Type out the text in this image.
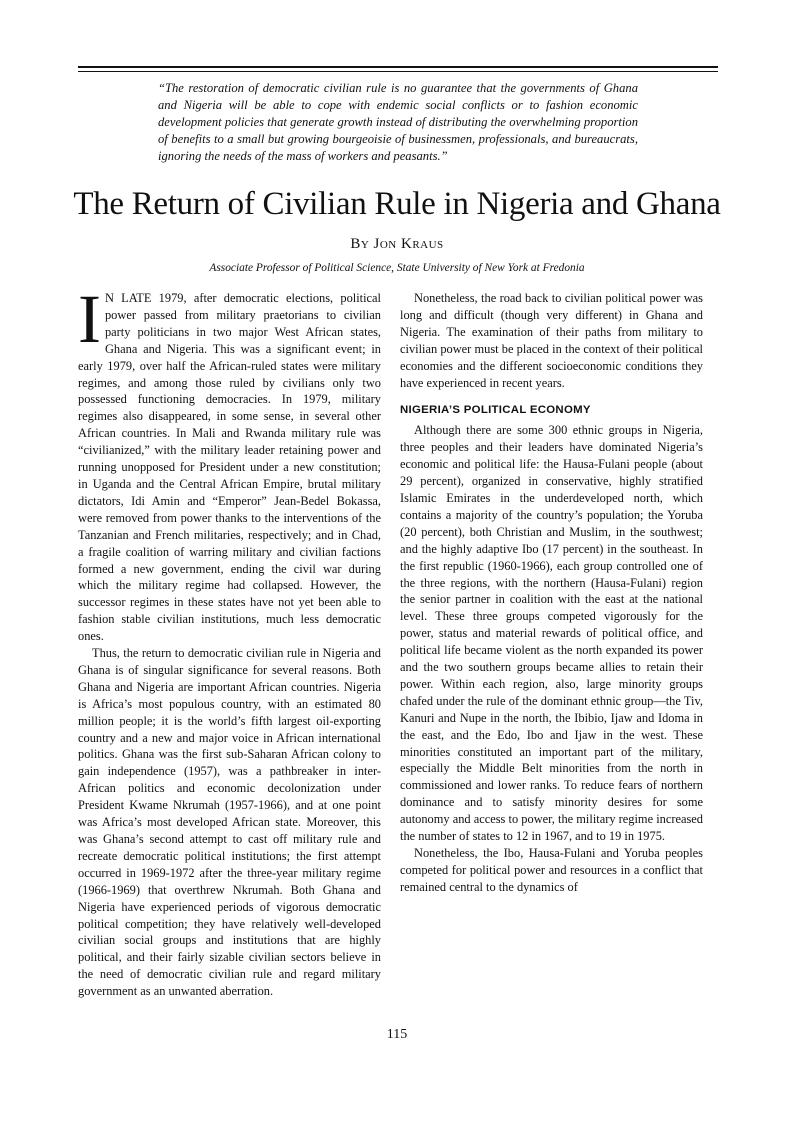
“The restoration of democratic civilian rule is no guarantee that the governments of Ghana and Nigeria will be able to cope with endemic social conflicts or to fashion economic development policies that generate growth instead of distributing the overwhelming proportion of benefits to a small but growing bourgeoisie of businessmen, professionals, and bureaucrats, ignoring the needs of the mass of workers and peasants.”
The Return of Civilian Rule in Nigeria and Ghana
By Jon Kraus
Associate Professor of Political Science, State University of New York at Fredonia

IN LATE 1979, after democratic elections, political power passed from military praetorians to civilian party politicians in two major West African states, Ghana and Nigeria. This was a significant event; in early 1979, over half the African-ruled states were military regimes, and among those ruled by civilians only two possessed functioning democracies. In 1979, military regimes also disappeared, in some sense, in several other African countries. In Mali and Rwanda military rule was “civilianized,” with the military leader retaining power and running unopposed for President under a new constitution; in Uganda and the Central African Empire, brutal military dictators, Idi Amin and “Emperor” Jean-Bedel Bokassa, were removed from power thanks to the interventions of the Tanzanian and French militaries, respectively; and in Chad, a fragile coalition of warring military and civilian factions formed a new government, ending the civil war during which the military regime had collapsed. However, the successor regimes in these states have not yet been able to fashion stable civilian institutions, much less democratic ones.

Thus, the return to democratic civilian rule in Nigeria and Ghana is of singular significance for several reasons. Both Ghana and Nigeria are important African countries. Nigeria is Africa’s most populous country, with an estimated 80 million people; it is the world’s fifth largest oil-exporting country and a new and major voice in African international politics. Ghana was the first sub-Saharan African colony to gain independence (1957), was a pathbreaker in inter-African politics and economic decolonization under President Kwame Nkrumah (1957-1966), and at one point was Africa’s most developed African state. Moreover, this was Ghana’s second attempt to cast off military rule and recreate democratic political institutions; the first attempt occurred in 1969-1972 after the three-year military regime (1966-1969) that overthrew Nkrumah. Both Ghana and Nigeria have experienced periods of vigorous democratic political competition; they have relatively well-developed civilian social groups and institutions that are highly political, and their fairly sizable civilian sectors believe in the need of democratic civilian rule and regard military government as an unwanted aberration.

Nonetheless, the road back to civilian political power was long and difficult (though very different) in Ghana and Nigeria. The examination of their paths from military to civilian power must be placed in the context of their political economies and the different socioeconomic conditions they have experienced in recent years.

NIGERIA’S POLITICAL ECONOMY

Although there are some 300 ethnic groups in Nigeria, three peoples and their leaders have dominated Nigeria’s economic and political life: the Hausa-Fulani people (about 29 percent), organized in conservative, highly stratified Islamic Emirates in the underdeveloped north, which contains a majority of the country’s population; the Yoruba (20 percent), both Christian and Muslim, in the southwest; and the highly adaptive Ibo (17 percent) in the southeast. In the first republic (1960-1966), each group controlled one of the three regions, with the northern (Hausa-Fulani) region the senior partner in coalition with the east at the national level. These three groups competed vigorously for the power, status and material rewards of political office, and political life became violent as the north expanded its power and the two southern groups became allies to retain their power. Within each region, also, large minority groups chafed under the rule of the dominant ethnic group—the Tiv, Kanuri and Nupe in the north, the Ibibio, Ijaw and Idoma in the east, and the Edo, Ibo and Ijaw in the west. These minorities constituted an important part of the military, especially the Middle Belt minorities from the north in commissioned and lower ranks. To reduce fears of northern dominance and to satisfy minority desires for some autonomy and access to power, the military regime increased the number of states to 12 in 1967, and to 19 in 1975.

Nonetheless, the Ibo, Hausa-Fulani and Yoruba peoples competed for political power and resources in a conflict that remained central to the dynamics of

115
